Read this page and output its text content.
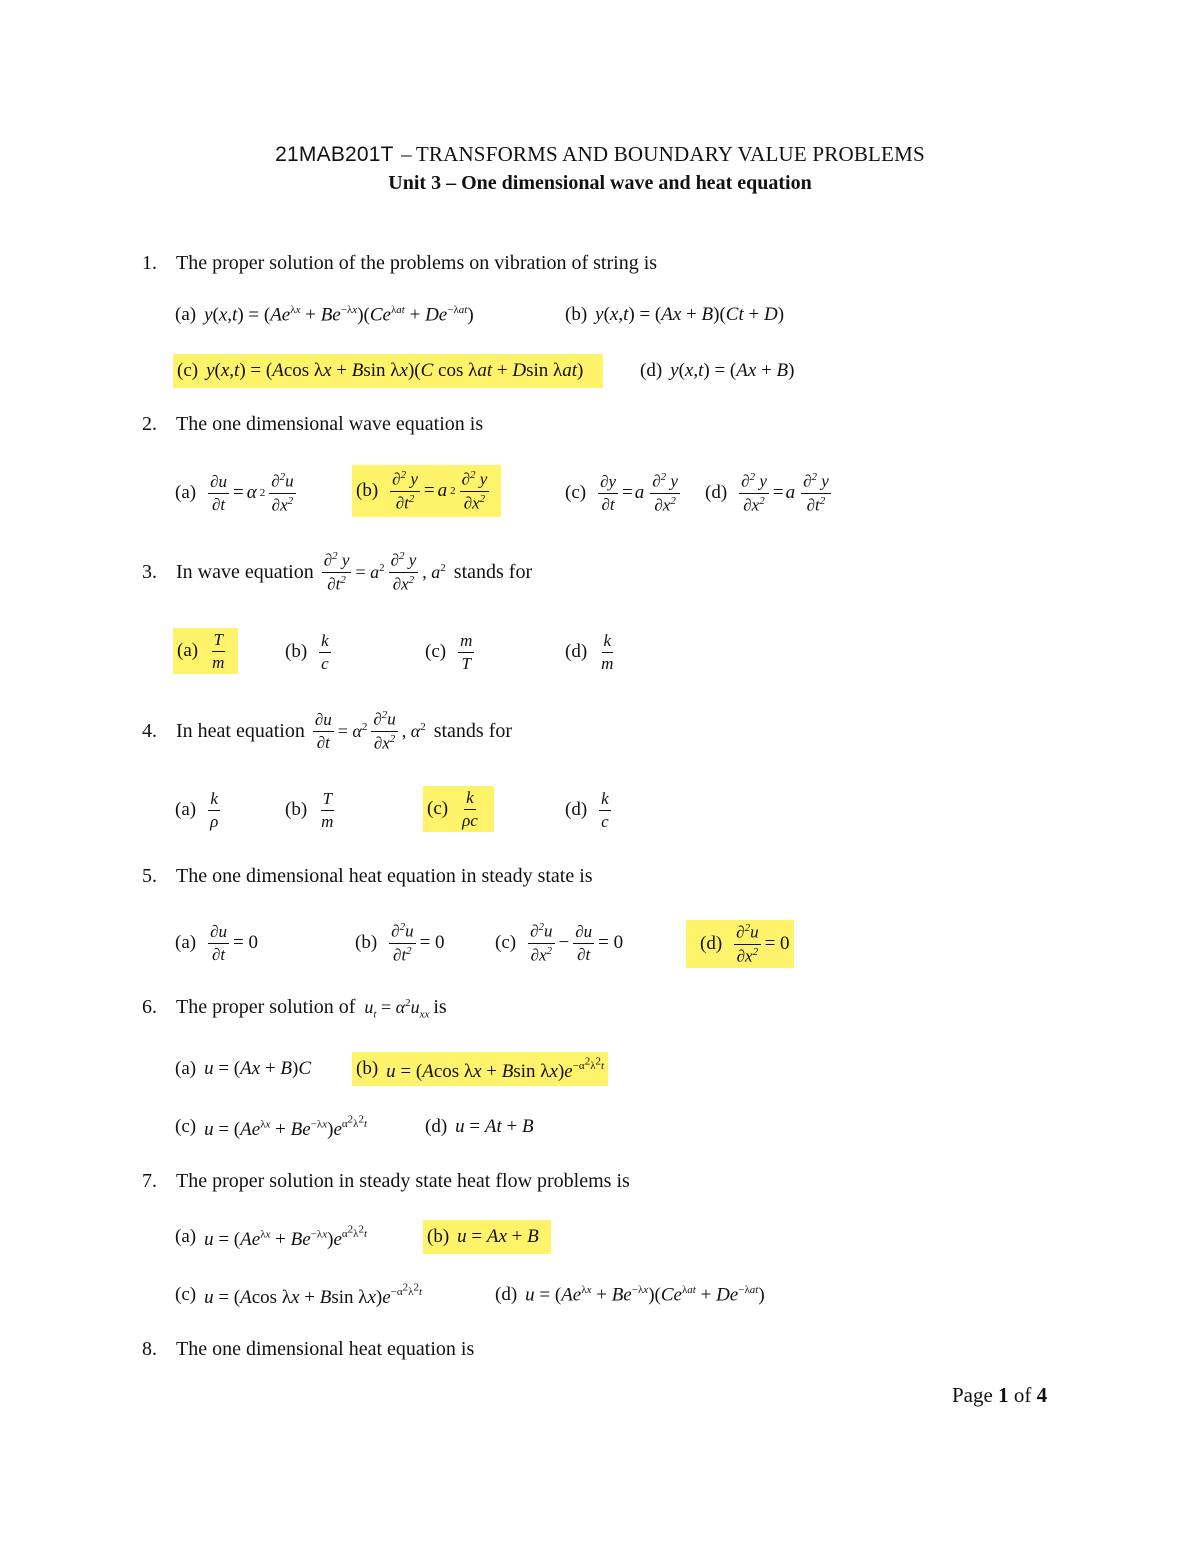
21MAB201T – TRANSFORMS AND BOUNDARY VALUE PROBLEMS
Unit 3 – One dimensional wave and heat equation
1. The proper solution of the problems on vibration of string is
(a) $y(x,t) = (Ae^{\lambda x} + Be^{-\lambda x})(Ce^{\lambda at} + De^{-\lambda at})$	(b) y(x,t) = (Ax + B)(Ct + D)
(c) y(x,t) = (Acos λx + Bsin λx)(C cos λat + Dsin λat)	(d) y(x,t) = (Ax + B)
2. The one dimensional wave equation is
$(a) \frac{\partial u}{\partial t} = \alpha$ $2 \frac{\partial^2u}{\partial x^2}$	$(b) \frac{\partial^2 y}{\partial t^2} = a$ $2 \frac{\partial^2 y}{\partial x^2}$	$(c) \frac{\partial y}{\partial t} = a \frac{\partial^2 y}{\partial x^2} (d) \frac{\partial^2 y}{\partial x^2} = a \frac{\partial^2 y}{\partial t^2}$
3. In wave equation $\frac{\partial^2 y}{\partial t^2} = a^2 \frac{\partial^2 y}{\partial x^2}$ , $a^2$ stands for
$(a) \frac{T}{m}$	$(b) \frac{k}{c}$	$(c) \frac{m}{T}$	$(d) \frac{k}{m}$
4. In heat equation $\frac{\partial u}{\partial t} = \alpha^2 \frac{\partial^2u}{\partial x^2}$ , $\alpha^2$ stands for
$(a) \frac{k}{\rho}$	$(b) \frac{T}{m}$	$(c) \frac{k}{\rho c}$	$(d) \frac{k}{c}$
5. The one dimensional heat equation in steady state is
$(a) \frac{\partial u}{\partial t} = 0$	$(b) \frac{\partial^2u}{\partial t^2} = 0$	$(c) \frac{\partial^2u}{\partial x^2} - \frac{\partial u}{\partial t} = 0$	$(d) \frac{\partial^2u}{\partial x^2} = 0$
6. The proper solution of $u_t = \alpha^2u_{xx}$ is
(a) u = (Ax + B)C (b) u = (Acos λx + Bsin $\lambda x)e^{-\alpha^2\lambda^2t}$
(c) $u = (Ae^{\lambda x} + Be^{-\lambda x})e^{\alpha^2\lambda^2t}$	(d) u = At + B
7. The proper solution in steady state heat flow problems is
(a) $u = (Ae^{\lambda x} + Be^{-\lambda x})e^{\alpha^2\lambda^2t}$	(b) u = Ax + B
(c) u = (Acos λx + Bsin $\lambda x)e^{-\alpha^2\lambda^2t}$	(d) $u = (Ae^{\lambda x} + Be^{-\lambda x})(Ce^{\lambda at} + De^{-\lambda at})$
8. The one dimensional heat equation is
Page 1 of 4
